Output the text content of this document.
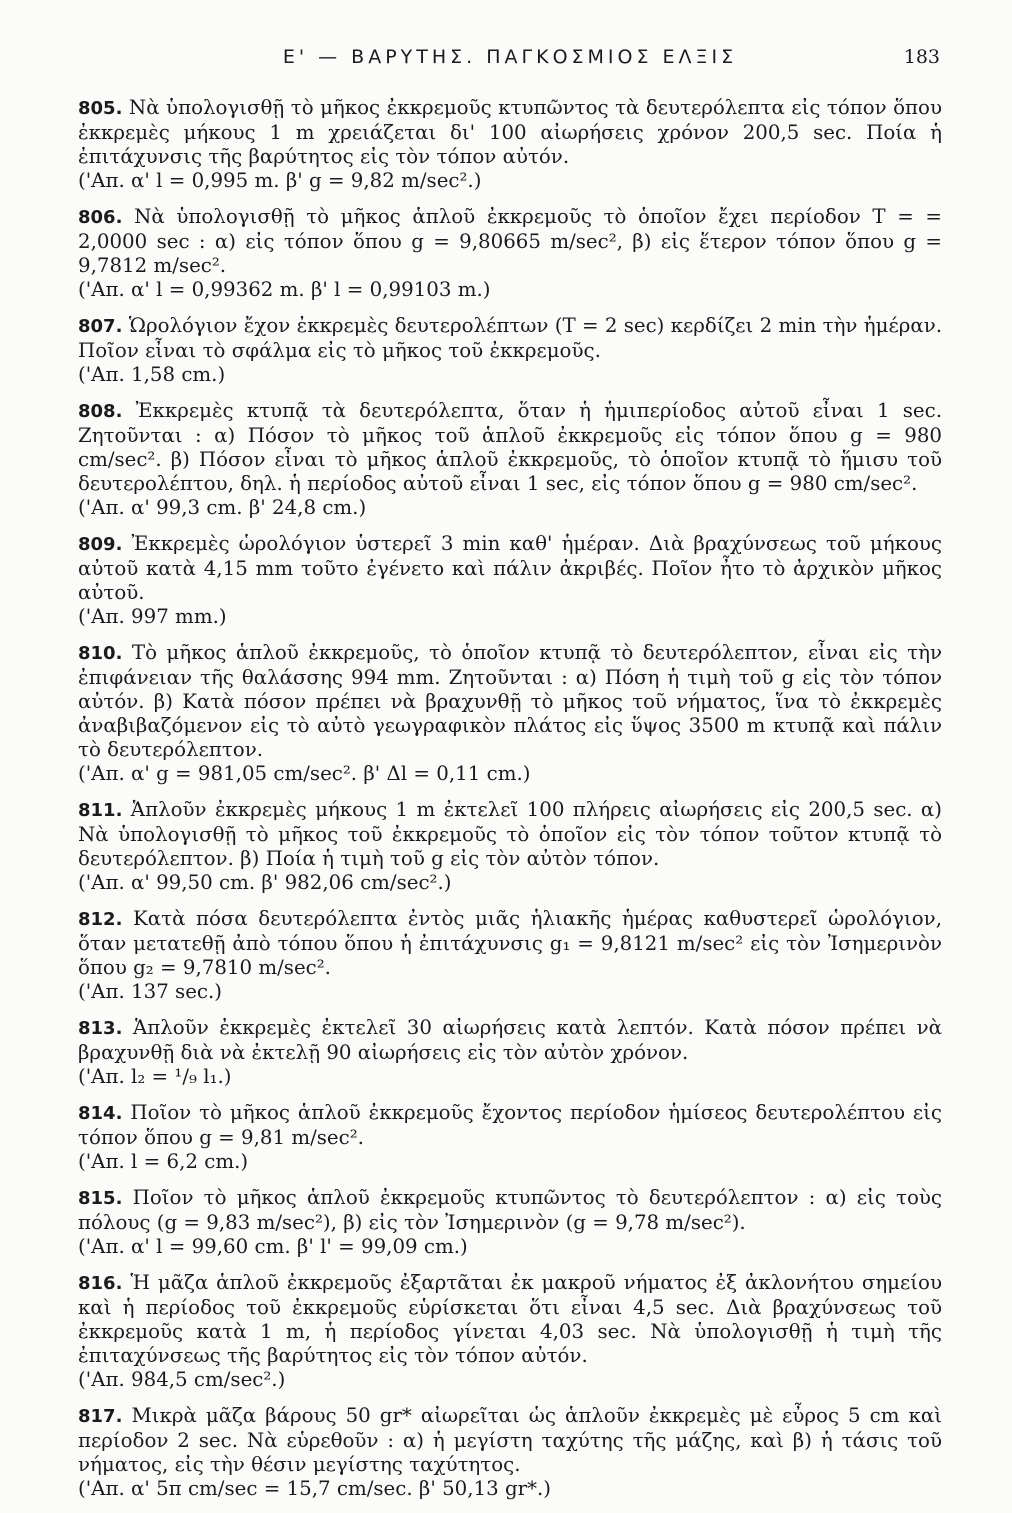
Ε' — ΒΑΡΥΤΗΣ. ΠΑΓΚΟΣΜΙΟΣ ΕΛΞΙΣ	183

805. Νὰ ὑπολογισθῇ τὸ μῆκος ἐκκρεμοῦς κτυπῶντος τὰ δευτερόλεπτα εἰς τόπον ὅπου ἐκκρεμὲς μήκους 1 m χρειάζεται δι' 100 αἰωρήσεις χρόνον 200,5 sec. Ποία ἡ ἐπιτάχυνσις τῆς βαρύτητος εἰς τὸν τόπον αὐτόν.

('Απ. α' l = 0,995 m. β' g = 9,82 m/sec².)

806. Νὰ ὑπολογισθῇ τὸ μῆκος ἁπλοῦ ἐκκρεμοῦς τὸ ὁποῖον ἔχει περίοδον Τ = = 2,0000 sec : α) εἰς τόπον ὅπου g = 9,80665 m/sec², β) εἰς ἕτερον τόπον ὅπου g = 9,7812 m/sec².

('Απ. α' l = 0,99362 m. β' l = 0,99103 m.)

807. Ὡρολόγιον ἔχον ἐκκρεμὲς δευτερολέπτων (Τ = 2 sec) κερδίζει 2 min τὴν ἡμέραν. Ποῖον εἶναι τὸ σφάλμα εἰς τὸ μῆκος τοῦ ἐκκρεμοῦς.

('Απ. 1,58 cm.)

808. Ἐκκρεμὲς κτυπᾷ τὰ δευτερόλεπτα, ὅταν ἡ ἡμιπερίοδος αὐτοῦ εἶναι 1 sec. Ζητοῦνται : α) Πόσον τὸ μῆκος τοῦ ἁπλοῦ ἐκκρεμοῦς εἰς τόπον ὅπου g = 980 cm/sec². β) Πόσον εἶναι τὸ μῆκος ἁπλοῦ ἐκκρεμοῦς, τὸ ὁποῖον κτυπᾷ τὸ ἥμισυ τοῦ δευτερολέπτου, δηλ. ἡ περίοδος αὐτοῦ εἶναι 1 sec, εἰς τόπον ὅπου g = 980 cm/sec².

('Απ. α' 99,3 cm. β' 24,8 cm.)

809. Ἐκκρεμὲς ὡρολόγιον ὑστερεῖ 3 min καθ' ἡμέραν. Διὰ βραχύνσεως τοῦ μήκους αὐτοῦ κατὰ 4,15 mm τοῦτο ἐγένετο καὶ πάλιν ἀκριβές. Ποῖον ἦτο τὸ ἀρχικὸν μῆκος αὐτοῦ.

('Απ. 997 mm.)

810. Τὸ μῆκος ἁπλοῦ ἐκκρεμοῦς, τὸ ὁποῖον κτυπᾷ τὸ δευτερόλεπτον, εἶναι εἰς τὴν ἐπιφάνειαν τῆς θαλάσσης 994 mm. Ζητοῦνται : α) Πόση ἡ τιμὴ τοῦ g εἰς τὸν τόπον αὐτόν. β) Κατὰ πόσον πρέπει νὰ βραχυνθῇ τὸ μῆκος τοῦ νήματος, ἵνα τὸ ἐκκρεμὲς ἀναβιβαζόμενον εἰς τὸ αὐτὸ γεωγραφικὸν πλάτος εἰς ὕψος 3500 m κτυπᾷ καὶ πάλιν τὸ δευτερόλεπτον.

('Απ. α' g = 981,05 cm/sec². β' Δl = 0,11 cm.)

811. Ἁπλοῦν ἐκκρεμὲς μήκους 1 m ἐκτελεῖ 100 πλήρεις αἰωρήσεις εἰς 200,5 sec. α) Νὰ ὑπολογισθῇ τὸ μῆκος τοῦ ἐκκρεμοῦς τὸ ὁποῖον εἰς τὸν τόπον τοῦτον κτυπᾷ τὸ δευτερόλεπτον. β) Ποία ἡ τιμὴ τοῦ g εἰς τὸν αὐτὸν τόπον.

('Απ. α' 99,50 cm. β' 982,06 cm/sec².)

812. Κατὰ πόσα δευτερόλεπτα ἐντὸς μιᾶς ἡλιακῆς ἡμέρας καθυστερεῖ ὡρολόγιον, ὅταν μετατεθῇ ἀπὸ τόπου ὅπου ἡ ἐπιτάχυνσις g₁ = 9,8121 m/sec² εἰς τὸν Ἰσημερινὸν ὅπου g₂ = 9,7810 m/sec².

('Απ. 137 sec.)

813. Ἁπλοῦν ἐκκρεμὲς ἐκτελεῖ 30 αἰωρήσεις κατὰ λεπτόν. Κατὰ πόσον πρέπει νὰ βραχυνθῇ διὰ νὰ ἐκτελῇ 90 αἰωρήσεις εἰς τὸν αὐτὸν χρόνον.

('Απ. l₂ = ¹/₉ l₁.)

814. Ποῖον τὸ μῆκος ἁπλοῦ ἐκκρεμοῦς ἔχοντος περίοδον ἡμίσεος δευτερολέπτου εἰς τόπον ὅπου g = 9,81 m/sec².

('Απ. l = 6,2 cm.)

815. Ποῖον τὸ μῆκος ἁπλοῦ ἐκκρεμοῦς κτυπῶντος τὸ δευτερόλεπτον : α) εἰς τοὺς πόλους (g = 9,83 m/sec²), β) εἰς τὸν Ἰσημερινὸν (g = 9,78 m/sec²).

('Απ. α' l = 99,60 cm. β' l' = 99,09 cm.)

816. Ἡ μᾶζα ἁπλοῦ ἐκκρεμοῦς ἐξαρτᾶται ἐκ μακροῦ νήματος ἐξ ἀκλονήτου σημείου καὶ ἡ περίοδος τοῦ ἐκκρεμοῦς εὑρίσκεται ὅτι εἶναι 4,5 sec. Διὰ βραχύνσεως τοῦ ἐκκρεμοῦς κατὰ 1 m, ἡ περίοδος γίνεται 4,03 sec. Νὰ ὑπολογισθῇ ἡ τιμὴ τῆς ἐπιταχύνσεως τῆς βαρύτητος εἰς τὸν τόπον αὐτόν.

('Απ. 984,5 cm/sec².)

817. Μικρὰ μᾶζα βάρους 50 gr* αἰωρεῖται ὡς ἁπλοῦν ἐκκρεμὲς μὲ εὖρος 5 cm καὶ περίοδον 2 sec. Νὰ εὑρεθοῦν : α) ἡ μεγίστη ταχύτης τῆς μάζης, καὶ β) ἡ τάσις τοῦ νήματος, εἰς τὴν θέσιν μεγίστης ταχύτητος.

('Απ. α' 5π cm/sec = 15,7 cm/sec. β' 50,13 gr*.)
